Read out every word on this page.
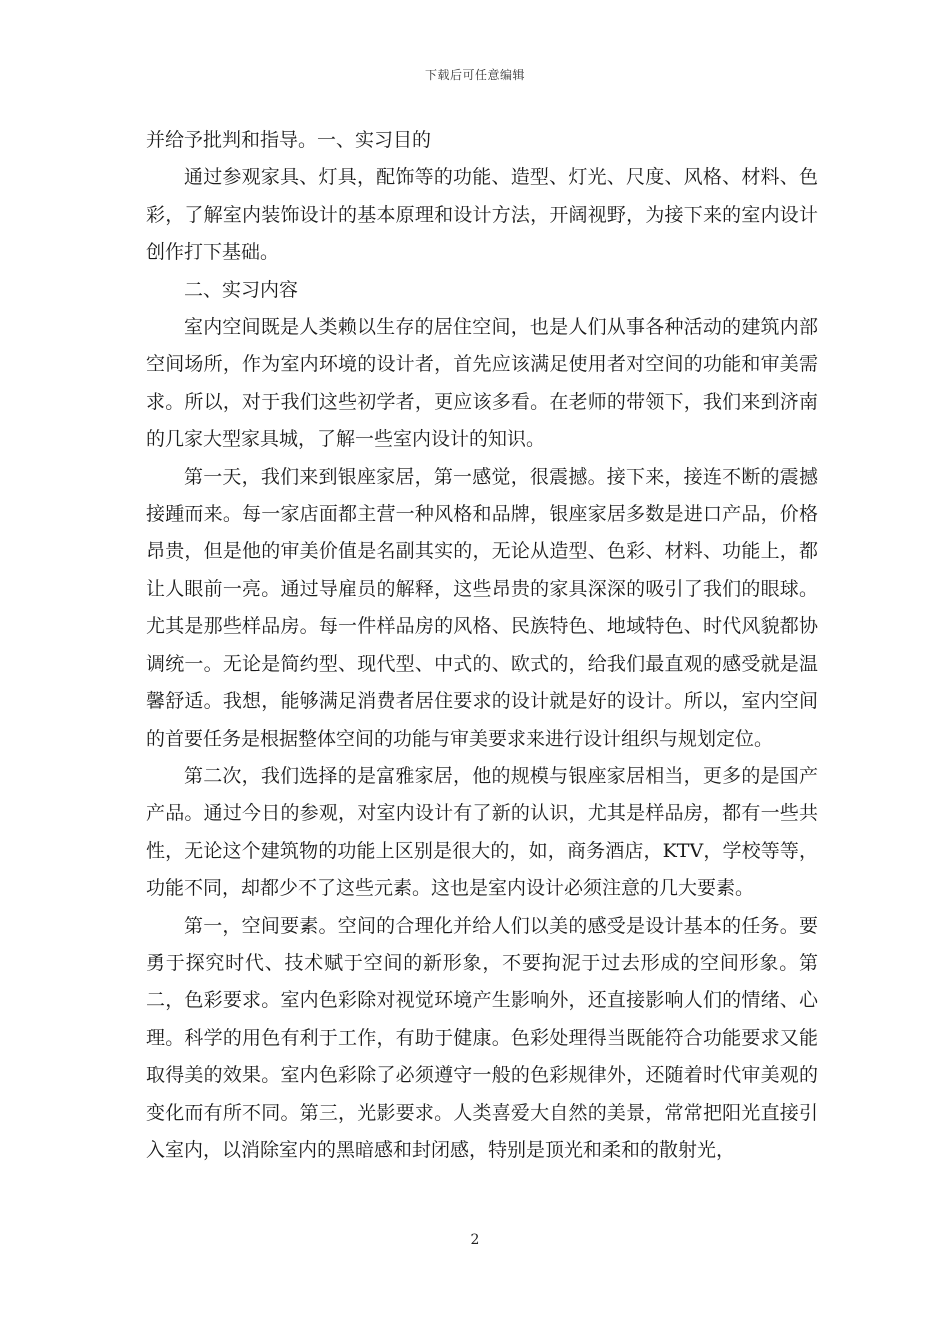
下载后可任意编辑

并给予批判和指导。一、实习目的

通过参观家具、灯具，配饰等的功能、造型、灯光、尺度、风格、材料、色彩，了解室内装饰设计的基本原理和设计方法，开阔视野，为接下来的室内设计创作打下基础。

二、实习内容

室内空间既是人类赖以生存的居住空间，也是人们从事各种活动的建筑内部空间场所，作为室内环境的设计者，首先应该满足使用者对空间的功能和审美需求。所以，对于我们这些初学者，更应该多看。在老师的带领下，我们来到济南的几家大型家具城，了解一些室内设计的知识。

第一天，我们来到银座家居，第一感觉，很震撼。接下来，接连不断的震撼接踵而来。每一家店面都主营一种风格和品牌，银座家居多数是进口产品，价格昂贵，但是他的审美价值是名副其实的，无论从造型、色彩、材料、功能上，都让人眼前一亮。通过导雇员的解释，这些昂贵的家具深深的吸引了我们的眼球。尤其是那些样品房。每一件样品房的风格、民族特色、地域特色、时代风貌都协调统一。无论是简约型、现代型、中式的、欧式的，给我们最直观的感受就是温馨舒适。我想，能够满足消费者居住要求的设计就是好的设计。所以，室内空间的首要任务是根据整体空间的功能与审美要求来进行设计组织与规划定位。

第二次，我们选择的是富雅家居，他的规模与银座家居相当，更多的是国产产品。通过今日的参观，对室内设计有了新的认识，尤其是样品房，都有一些共性，无论这个建筑物的功能上区别是很大的，如，商务酒店，KTV，学校等等，功能不同，却都少不了这些元素。这也是室内设计必须注意的几大要素。

第一，空间要素。空间的合理化并给人们以美的感受是设计基本的任务。要勇于探究时代、技术赋于空间的新形象，不要拘泥于过去形成的空间形象。第二，色彩要求。室内色彩除对视觉环境产生影响外，还直接影响人们的情绪、心理。科学的用色有利于工作，有助于健康。色彩处理得当既能符合功能要求又能取得美的效果。室内色彩除了必须遵守一般的色彩规律外，还随着时代审美观的变化而有所不同。第三，光影要求。人类喜爱大自然的美景，常常把阳光直接引入室内，以消除室内的黑暗感和封闭感，特别是顶光和柔和的散射光，

2
